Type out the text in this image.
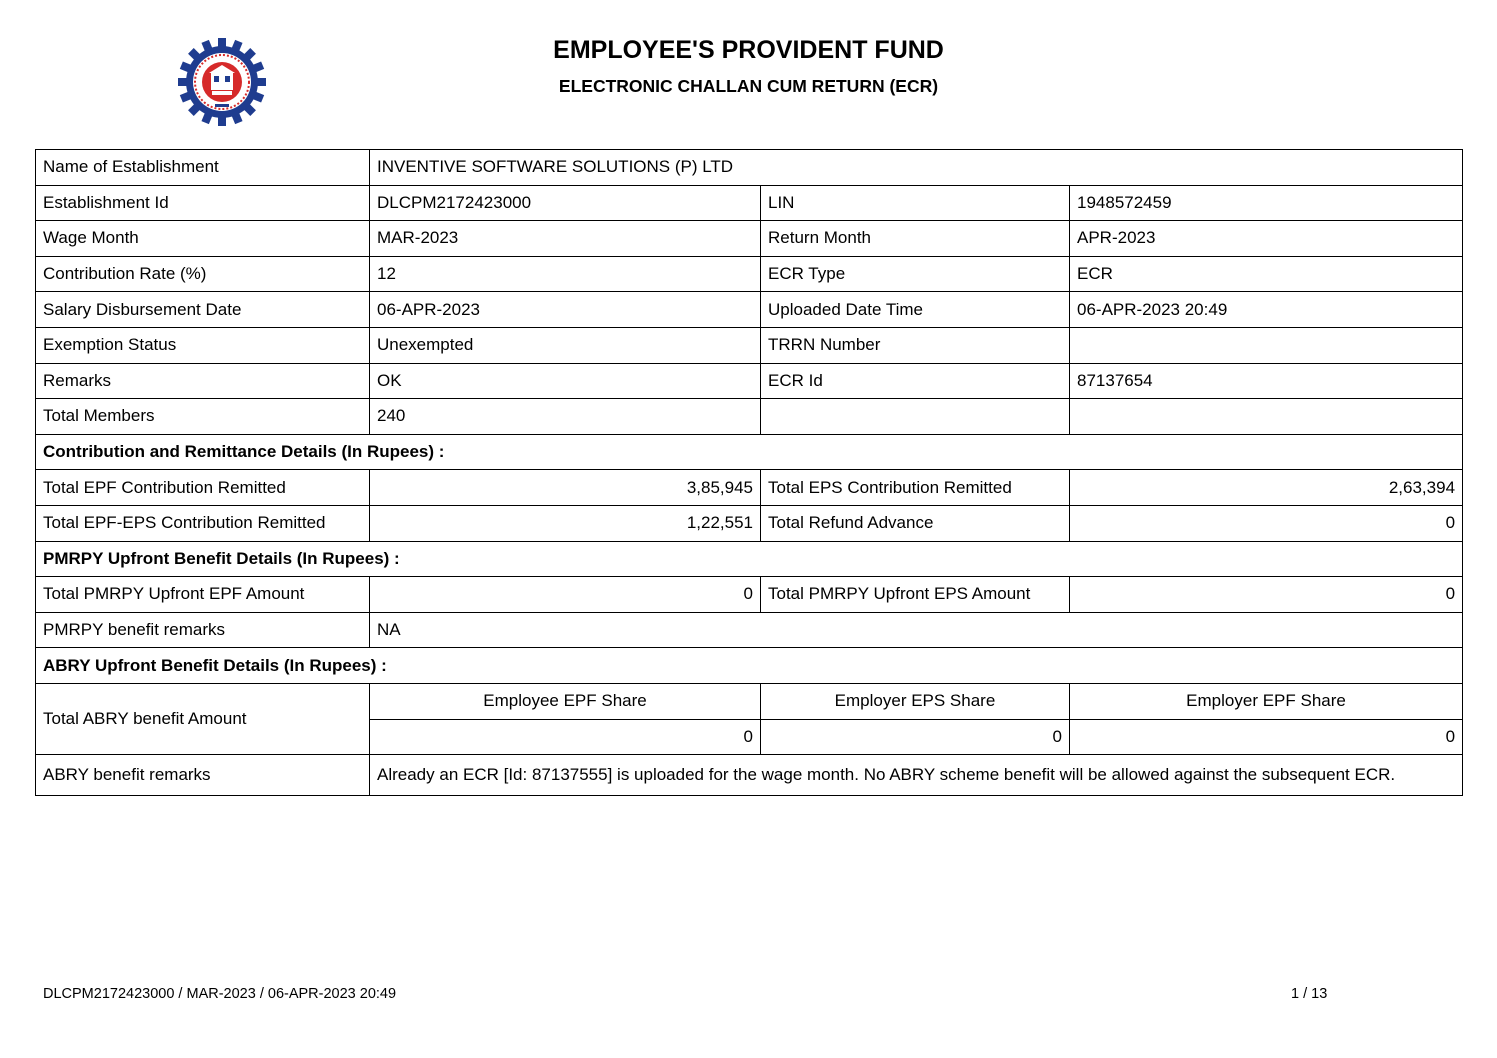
EMPLOYEE'S PROVIDENT FUND
ELECTRONIC CHALLAN CUM RETURN (ECR)
Name of Establishment	INVENTIVE SOFTWARE SOLUTIONS (P) LTD		
Establishment Id	DLCPM2172423000	LIN	1948572459
Wage Month	MAR-2023	Return Month	APR-2023
Contribution Rate (%)	12	ECR Type	ECR
Salary Disbursement Date	06-APR-2023	Uploaded Date Time	06-APR-2023 20:49
Exemption Status	Unexempted	TRRN Number	
Remarks	OK	ECR Id	87137654
Total Members	240		
Contribution and Remittance Details (In Rupees) :			
Total EPF Contribution Remitted	3,85,945	Total EPS Contribution Remitted	2,63,394
Total EPF-EPS Contribution Remitted	1,22,551	Total Refund Advance	0
PMRPY Upfront Benefit Details (In Rupees) :			
Total PMRPY Upfront EPF Amount	0	Total PMRPY Upfront EPS Amount	0
PMRPY benefit remarks	NA		
ABRY Upfront Benefit Details (In Rupees) :			
Total ABRY benefit Amount	Employee EPF Share	Employer EPS Share	Employer EPF Share
	0	0	0
ABRY benefit remarks	Already an ECR [Id: 87137555] is uploaded for the wage month. No ABRY scheme benefit will be allowed against the subsequent ECR.		
DLCPM2172423000 / MAR-2023 / 06-APR-2023 20:49	1 / 13
